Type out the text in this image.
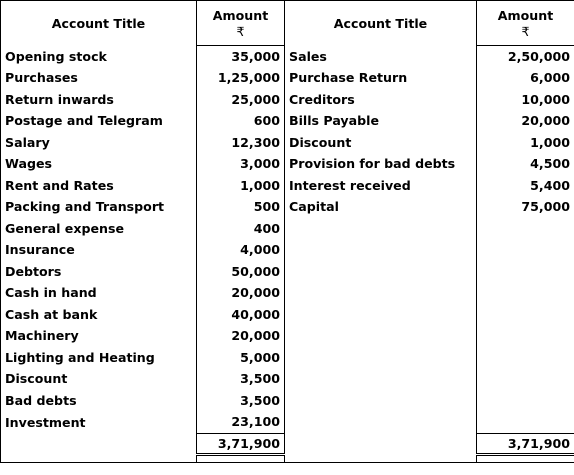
Account Title	Amount	Account Title	Amount
	₹		₹
Opening stock	35,000	Sales	2,50,000
Purchases	1,25,000	Purchase Return	6,000
Return inwards	25,000	Creditors	10,000
Postage and Telegram	600	Bills Payable	20,000
Salary	12,300	Discount	1,000
Wages	3,000	Provision for bad debts	4,500
Rent and Rates	1,000	Interest received	5,400
Packing and Transport	500	Capital	75,000
General expense	400		
Insurance	4,000		
Debtors	50,000		
Cash in hand	20,000		
Cash at bank	40,000		
Machinery	20,000		
Lighting and Heating	5,000		
Discount	3,500		
Bad debts	3,500		
Investment	23,100		
	3,71,900		3,71,900
